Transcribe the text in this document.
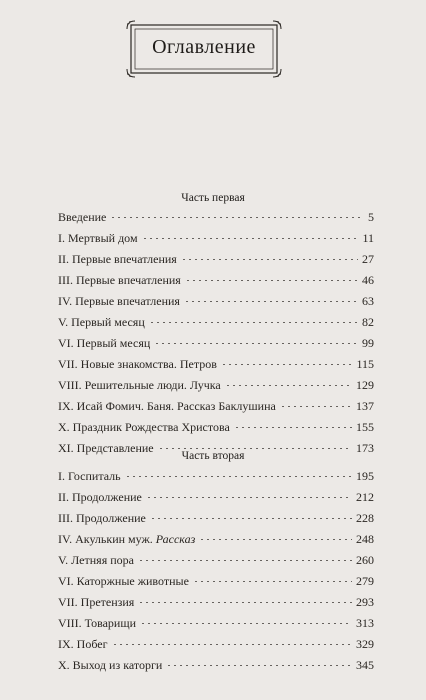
Оглавление
Часть первая
Введение	5
I. Мертвый дом	11
II. Первые впечатления	27
III. Первые впечатления	46
IV. Первые впечатления	63
V. Первый месяц	82
VI. Первый месяц	99
VII. Новые знакомства. Петров	115
VIII. Решительные люди. Лучка	129
IX. Исай Фомич. Баня. Рассказ Баклушина	137
X. Праздник Рождества Христова	155
XI. Представление	173
Часть вторая
I. Госпиталь	195
II. Продолжение	212
III. Продолжение	228
IV. Акулькин муж. Рассказ	248
V. Летняя пора	260
VI. Каторжные животные	279
VII. Претензия	293
VIII. Товарищи	313
IX. Побег	329
X. Выход из каторги	345
